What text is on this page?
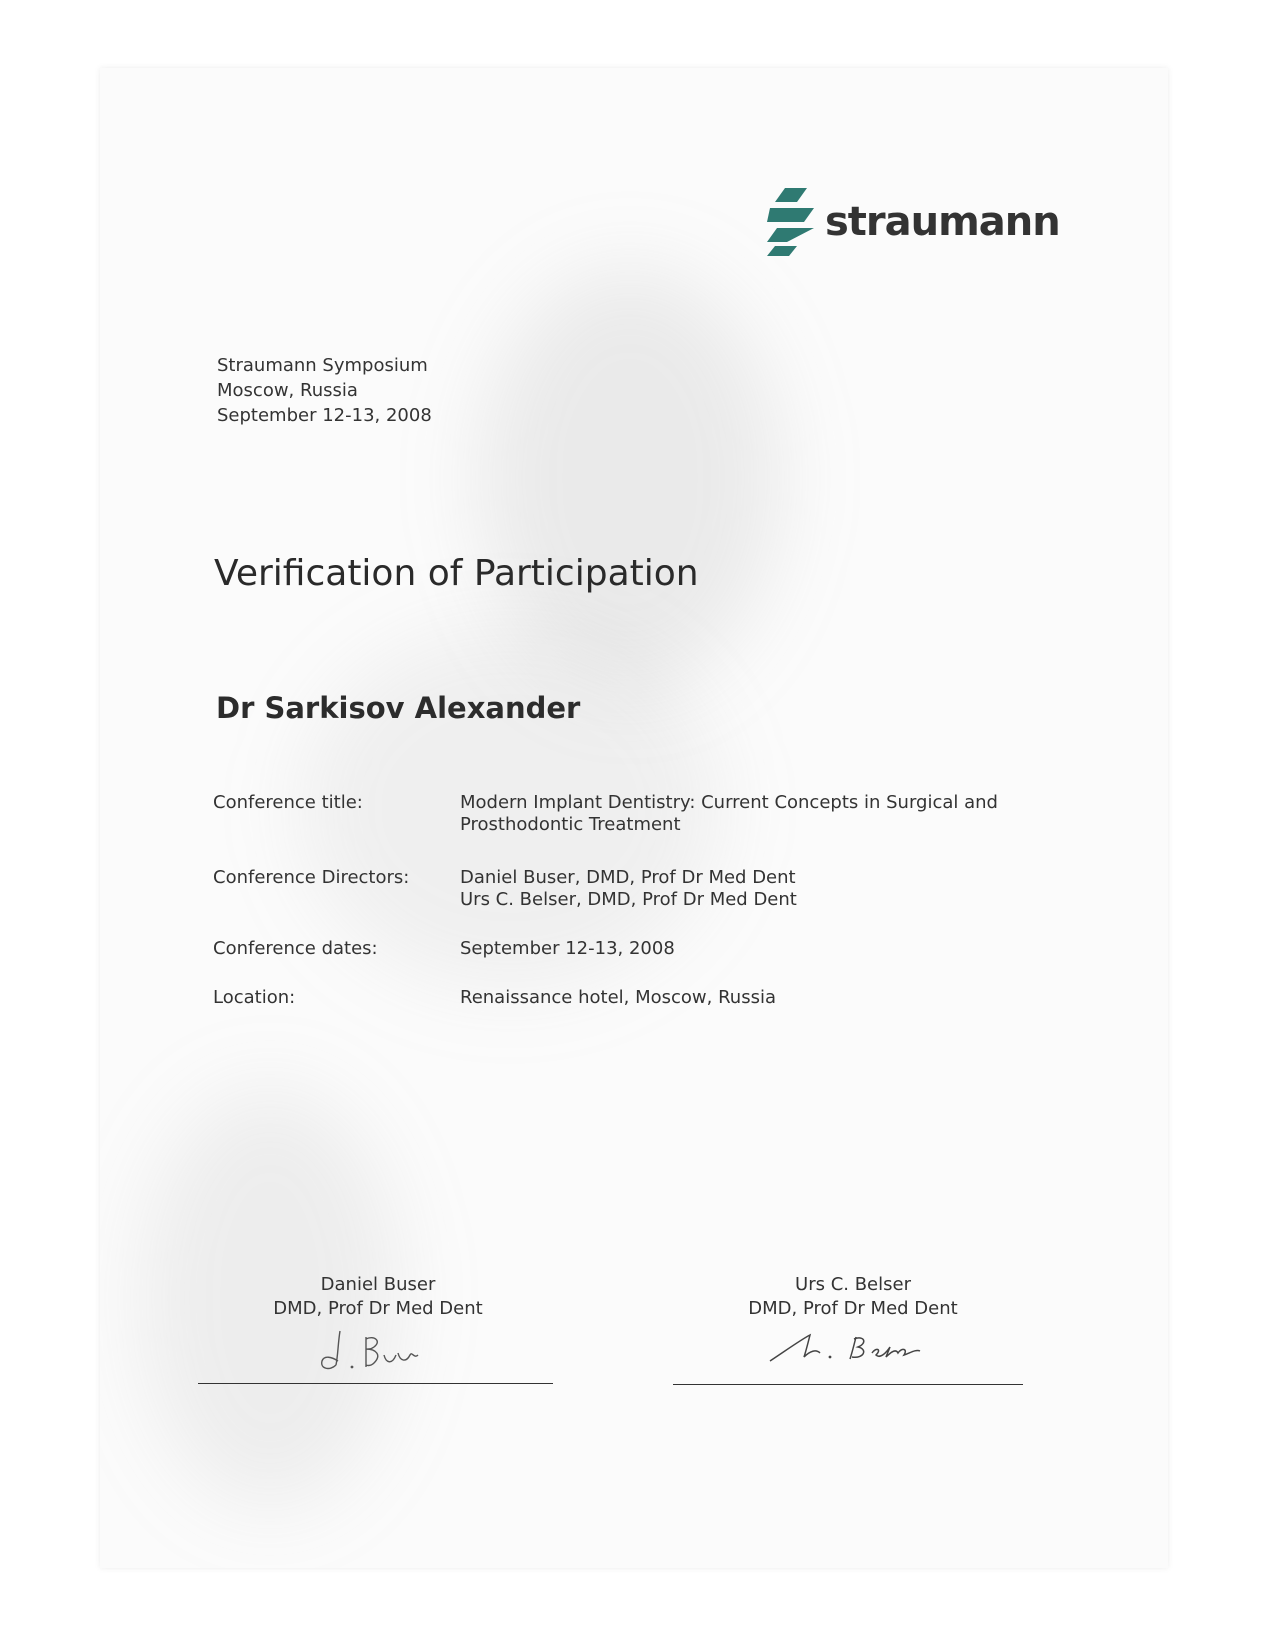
straumann
Straumann Symposium
Moscow, Russia
September 12-13, 2008
Verification of Participation
Dr Sarkisov Alexander
Conference title:	Modern Implant Dentistry: Current Concepts in Surgical and
Prosthodontic Treatment
Conference Directors:	Daniel Buser, DMD, Prof Dr Med Dent
Urs C. Belser, DMD, Prof Dr Med Dent
Conference dates:	September 12-13, 2008
Location:	Renaissance hotel, Moscow, Russia
Daniel Buser
DMD, Prof Dr Med Dent
Urs C. Belser
DMD, Prof Dr Med Dent
